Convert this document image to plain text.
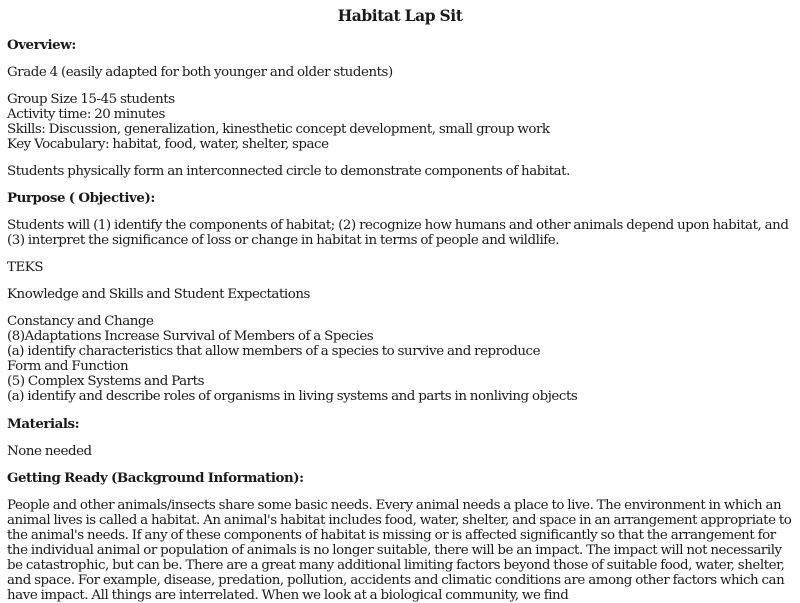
Habitat Lap Sit

Overview:

Grade 4 (easily adapted for both younger and older students)

Group Size 15-45 students
Activity time: 20 minutes
Skills: Discussion, generalization, kinesthetic concept development, small group work
Key Vocabulary: habitat, food, water, shelter, space

Students physically form an interconnected circle to demonstrate components of habitat.

Purpose ( Objective):

Students will (1) identify the components of habitat; (2) recognize how humans and other animals depend upon habitat, and (3) interpret the significance of loss or change in habitat in terms of people and wildlife.

TEKS

Knowledge and Skills and Student Expectations

Constancy and Change
(8)Adaptations Increase Survival of Members of a Species
(a) identify characteristics that allow members of a species to survive and reproduce
Form and Function
(5) Complex Systems and Parts
(a) identify and describe roles of organisms in living systems and parts in nonliving objects

Materials:

None needed

Getting Ready (Background Information):

People and other animals/insects share some basic needs. Every animal needs a place to live. The environment in which an animal lives is called a habitat. An animal's habitat includes food, water, shelter, and space in an arrangement appropriate to the animal's needs. If any of these components of habitat is missing or is affected significantly so that the arrangement for the individual animal or population of animals is no longer suitable, there will be an impact. The impact will not necessarily be catastrophic, but can be. There are a great many additional limiting factors beyond those of suitable food, water, shelter, and space. For example, disease, predation, pollution, accidents and climatic conditions are among other factors which can have impact. All things are interrelated. When we look at a biological community, we find
